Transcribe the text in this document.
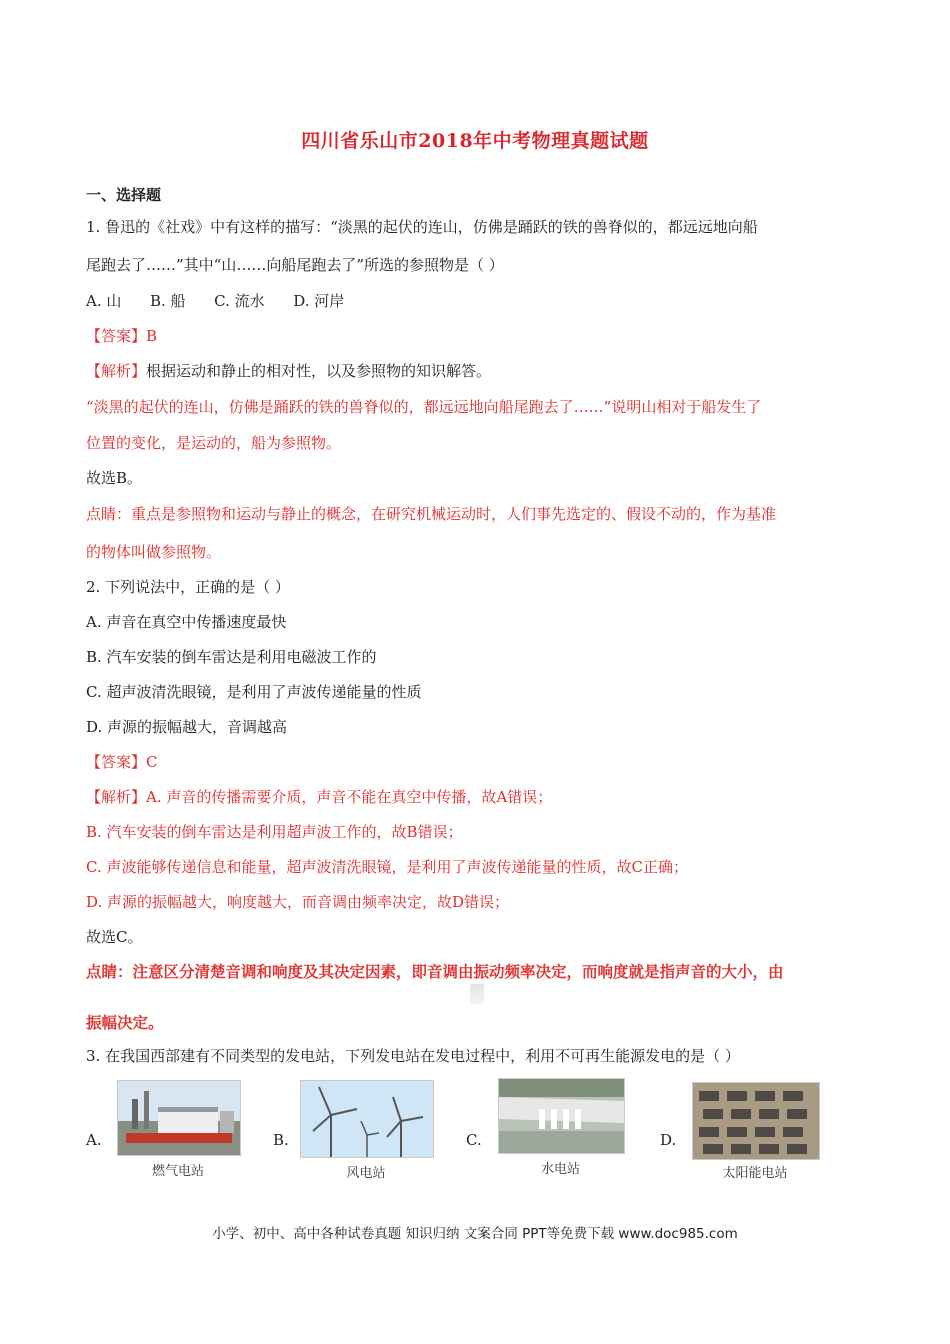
四川省乐山市2018年中考物理真题试题
一、选择题
1. 鲁迅的《社戏》中有这样的描写：“淡黑的起伏的连山，仿佛是踊跃的铁的兽脊似的，都远远地向船
尾跑去了……”其中“山……向船尾跑去了”所选的参照物是（ ）
A. 山      B. 船      C. 流水      D. 河岸
【答案】B
【解析】根据运动和静止的相对性，以及参照物的知识解答。
“淡黑的起伏的连山，仿佛是踊跃的铁的兽脊似的，都远远地向船尾跑去了……”说明山相对于船发生了
位置的变化，是运动的，船为参照物。
故选B。
点睛：重点是参照物和运动与静止的概念，在研究机械运动时，人们事先选定的、假设不动的，作为基准
的物体叫做参照物。
2. 下列说法中，正确的是（ ）
A. 声音在真空中传播速度最快
B. 汽车安装的倒车雷达是利用电磁波工作的
C. 超声波清洗眼镜，是利用了声波传递能量的性质
D. 声源的振幅越大，音调越高
【答案】C
【解析】A. 声音的传播需要介质，声音不能在真空中传播，故A错误；
B. 汽车安装的倒车雷达是利用超声波工作的，故B错误；
C. 声波能够传递信息和能量，超声波清洗眼镜，是利用了声波传递能量的性质，故C正确；
D. 声源的振幅越大，响度越大，而音调由频率决定，故D错误；
故选C。
点睛：注意区分清楚音调和响度及其决定因素，即音调由振动频率决定，而响度就是指声音的大小，由
振幅决定。
3. 在我国西部建有不同类型的发电站，下列发电站在发电过程中，利用不可再生能源发电的是（ ）
A.
燃气电站
B.
风电站
C.
水电站
D.
太阳能电站
小学、初中、高中各种试卷真题 知识归纳 文案合同 PPT等免费下载 www.doc985.com
